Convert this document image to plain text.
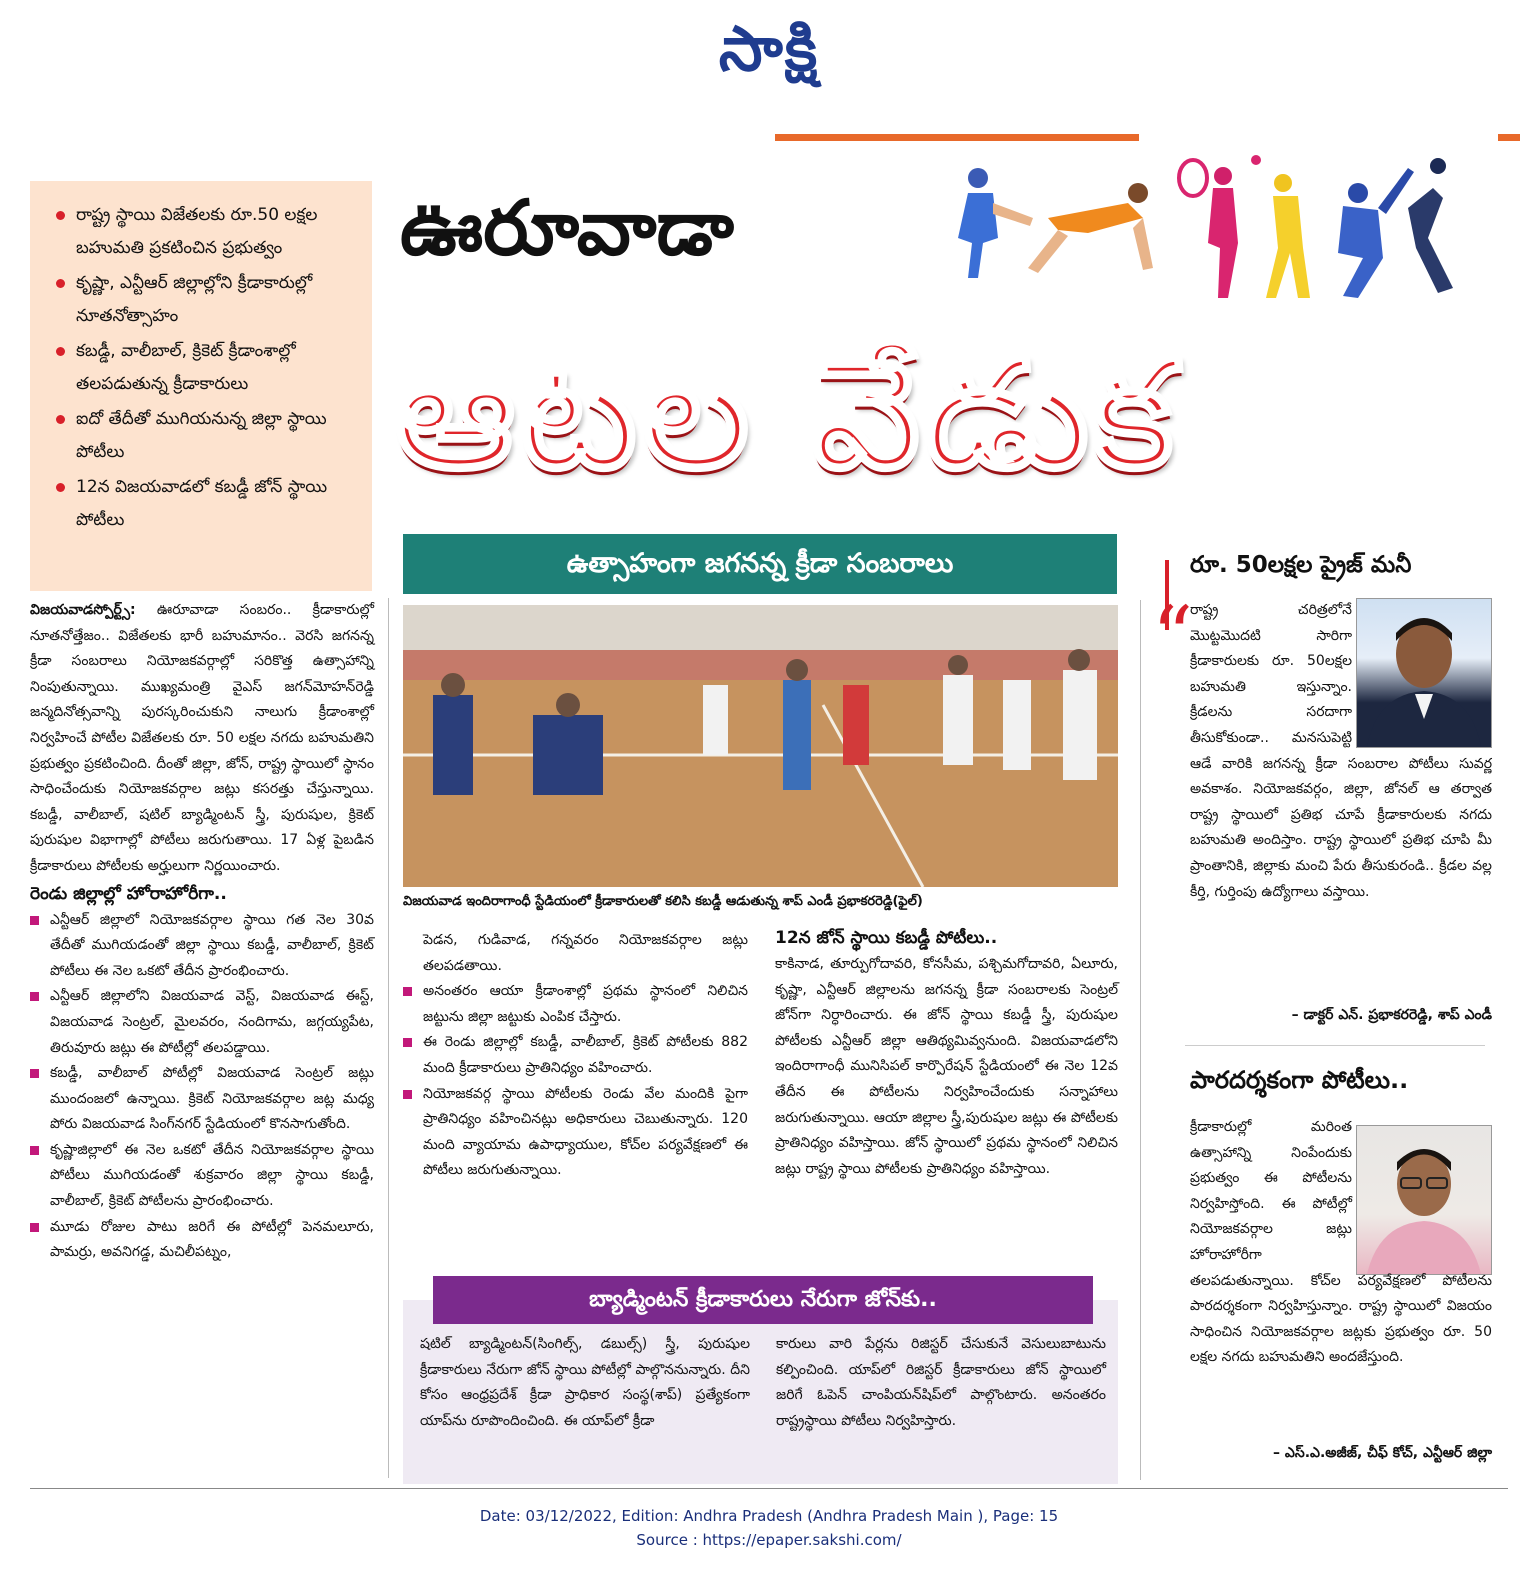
సాక్షి
రాష్ట్ర స్థాయి విజేతలకు రూ.50 లక్షల బహుమతి ప్రకటించిన ప్రభుత్వం
కృష్ణా, ఎన్టీఆర్‌ జిల్లాల్లోని క్రీడాకారుల్లో నూతనోత్సాహం
కబడ్డీ, వాలీబాల్‌, క్రికెట్‌ క్రీడాంశాల్లో తలపడుతున్న క్రీడాకారులు
ఐదో తేదీతో ముగియనున్న జిల్లా స్థాయి పోటీలు
12న విజయవాడలో కబడ్డీ జోన్‌ స్థాయి పోటీలు
ఊరూవాడా
ఆటల వేడుక
ఉత్సాహంగా జగనన్న క్రీడా సంబరాలు
విజయవాడ ఇందిరాగాంధీ స్టేడియంలో క్రీడాకారులతో కలిసి కబడ్డీ ఆడుతున్న శాప్‌ ఎండీ ప్రభాకరరెడ్డి(ఫైల్‌)

విజయవాడస్పోర్ట్స్‌: ఊరూవాడా సంబరం.. క్రీడాకారుల్లో నూతనోత్తేజం.. విజేతలకు భారీ బహుమానం.. వెరసి జగనన్న క్రీడా సంబరాలు నియోజకవర్గాల్లో సరికొత్త ఉత్సాహాన్ని నింపుతున్నాయి. ముఖ్యమంత్రి వైఎస్‌ జగన్‌మోహన్‌రెడ్డి జన్మదినోత్సవాన్ని పురస్కరించుకుని నాలుగు క్రీడాంశాల్లో నిర్వహించే పోటీల విజేతలకు రూ. 50 లక్షల నగదు బహుమతిని ప్రభుత్వం ప్రకటించింది. దీంతో జిల్లా, జోన్‌, రాష్ట్ర స్థాయిలో స్థానం సాధించేందుకు నియోజకవర్గాల జట్లు కసరత్తు చేస్తున్నాయి. కబడ్డీ, వాలీబాల్‌, షటిల్‌ బ్యాడ్మింటన్‌ స్త్రీ, పురుషుల, క్రికెట్‌ పురుషుల విభాగాల్లో పోటీలు జరుగుతాయి. 17 ఏళ్ల పైబడిన క్రీడాకారులు పోటీలకు అర్హులుగా నిర్ణయించారు.

రెండు జిల్లాల్లో హోరాహోరీగా..
ఎన్టీఆర్‌ జిల్లాలో నియోజకవర్గాల స్థాయి గత నెల 30వ తేదీతో ముగియడంతో జిల్లా స్థాయి కబడ్డీ, వాలీబాల్‌, క్రికెట్‌ పోటీలు ఈ నెల ఒకటో తేదీన ప్రారంభించారు.
ఎన్టీఆర్‌ జిల్లాలోని విజయవాడ వెస్ట్‌, విజయవాడ ఈస్ట్‌, విజయవాడ సెంట్రల్‌, మైలవరం, నందిగామ, జగ్గయ్యపేట, తిరువూరు జట్లు ఈ పోటీల్లో తలపడ్డాయి.
కబడ్డీ, వాలీబాల్‌ పోటీల్లో విజయవాడ సెంట్రల్‌ జట్లు ముందంజలో ఉన్నాయి. క్రికెట్‌ నియోజకవర్గాల జట్ల మధ్య పోరు విజయవాడ సింగ్‌నగర్‌ స్టేడియంలో కొనసాగుతోంది.
కృష్ణాజిల్లాలో ఈ నెల ఒకటో తేదీన నియోజకవర్గాల స్థాయి పోటీలు ముగియడంతో శుక్రవారం జిల్లా స్థాయి కబడ్డీ, వాలీబాల్‌, క్రికెట్‌ పోటీలను ప్రారంభించారు.
మూడు రోజుల పాటు జరిగే ఈ పోటీల్లో పెనమలూరు, పామర్రు, అవనిగడ్డ, మచిలీపట్నం,

పెడన, గుడివాడ, గన్నవరం నియోజకవర్గాల జట్లు తలపడతాయి.

అనంతరం ఆయా క్రీడాంశాల్లో ప్రథమ స్థానంలో నిలిచిన జట్టును జిల్లా జట్టుకు ఎంపిక చేస్తారు.
ఈ రెండు జిల్లాల్లో కబడ్డీ, వాలీబాల్‌, క్రికెట్‌ పోటీలకు 882 మంది క్రీడాకారులు ప్రాతినిధ్యం వహించారు.
నియోజకవర్గ స్థాయి పోటీలకు రెండు వేల మందికి పైగా ప్రాతినిధ్యం వహించినట్లు అధికారులు చెబుతున్నారు. 120 మంది వ్యాయామ ఉపాధ్యాయుల, కోచ్‌ల పర్యవేక్షణలో ఈ పోటీలు జరుగుతున్నాయి.
12న జోన్‌ స్థాయి కబడ్డీ పోటీలు..

కాకినాడ, తూర్పుగోదావరి, కోనసీమ, పశ్చిమగోదావరి, ఏలూరు, కృష్ణా, ఎన్టీఆర్‌ జిల్లాలను జగనన్న క్రీడా సంబరాలకు సెంట్రల్‌ జోన్‌గా నిర్ధారించారు. ఈ జోన్‌ స్థాయి కబడ్డీ స్త్రీ, పురుషుల పోటీలకు ఎన్టీఆర్‌ జిల్లా ఆతిథ్యమివ్వనుంది. విజయవాడలోని ఇందిరాగాంధీ మునిసిపల్‌ కార్పొరేషన్‌ స్టేడియంలో ఈ నెల 12వ తేదీన ఈ పోటీలను నిర్వహించేందుకు సన్నాహాలు జరుగుతున్నాయి. ఆయా జిల్లాల స్త్రీ,పురుషుల జట్లు ఈ పోటీలకు ప్రాతినిధ్యం వహిస్తాయి. జోన్‌ స్థాయిలో ప్రథమ స్థానంలో నిలిచిన జట్లు రాష్ట్ర స్థాయి పోటీలకు ప్రాతినిధ్యం వహిస్తాయి.

బ్యాడ్మింటన్‌ క్రీడాకారులు నేరుగా జోన్‌కు..
షటిల్‌ బ్యాడ్మింటన్‌(సింగిల్స్‌, డబుల్స్‌) స్త్రీ, పురుషుల క్రీడాకారులు నేరుగా జోన్‌ స్థాయి పోటీల్లో పాల్గొననున్నారు. దీని కోసం ఆంధ్రప్రదేశ్‌ క్రీడా ప్రాధికార సంస్థ(శాప్‌) ప్రత్యేకంగా యాప్‌ను రూపొందించింది. ఈ యాప్‌లో క్రీడా
కారులు వారి పేర్లను రిజిస్టర్‌ చేసుకునే వెసులుబాటును కల్పించింది. యాప్‌లో రిజిస్టర్‌ క్రీడాకారులు జోన్‌ స్థాయిలో జరిగే ఓపెన్‌ చాంపియన్‌షిప్‌లో పాల్గొంటారు. అనంతరం రాష్ట్రస్థాయి పోటీలు నిర్వహిస్తారు.
రూ. 50లక్షల ప్రైజ్‌ మనీ
“
రాష్ట్ర చరిత్రలోనే మొట్టమొదటి సారిగా క్రీడాకారులకు రూ. 50లక్షల బహుమతి ఇస్తున్నాం. క్రీడలను సరదాగా తీసుకోకుండా.. మనసుపెట్టి ఆడే వారికి జగనన్న క్రీడా సంబరాల పోటీలు సువర్ణ అవకాశం. నియోజకవర్గం, జిల్లా, జోనల్‌ ఆ తర్వాత రాష్ట్ర స్థాయిలో ప్రతిభ చూపే క్రీడాకారులకు నగదు బహుమతి అందిస్తాం. రాష్ట్ర స్థాయిలో ప్రతిభ చూపి మీ ప్రాంతానికి, జిల్లాకు మంచి పేరు తీసుకురండి.. క్రీడల వల్ల కీర్తి, గుర్తింపు ఉద్యోగాలు వస్తాయి.
– డాక్టర్‌ ఎన్‌. ప్రభాకరరెడ్డి, శాప్‌ ఎండీ
పారదర్శకంగా పోటీలు..
క్రీడాకారుల్లో మరింత ఉత్సాహాన్ని నింపేందుకు ప్రభుత్వం ఈ పోటీలను నిర్వహిస్తోంది. ఈ పోటీల్లో నియోజకవర్గాల జట్లు హోరాహోరీగా తలపడుతున్నాయి. కోచ్‌ల పర్యవేక్షణలో పోటీలను పారదర్శకంగా నిర్వహిస్తున్నాం. రాష్ట్ర స్థాయిలో విజయం సాధించిన నియోజకవర్గాల జట్లకు ప్రభుత్వం రూ. 50 లక్షల నగదు బహుమతిని అందజేస్తుంది.
– ఎస్‌.ఎ.అజీజ్‌, చీఫ్‌ కోచ్‌, ఎన్టీఆర్‌ జిల్లా
Date: 03/12/2022, Edition: Andhra Pradesh (Andhra Pradesh Main ), Page: 15
Source : https://epaper.sakshi.com/
